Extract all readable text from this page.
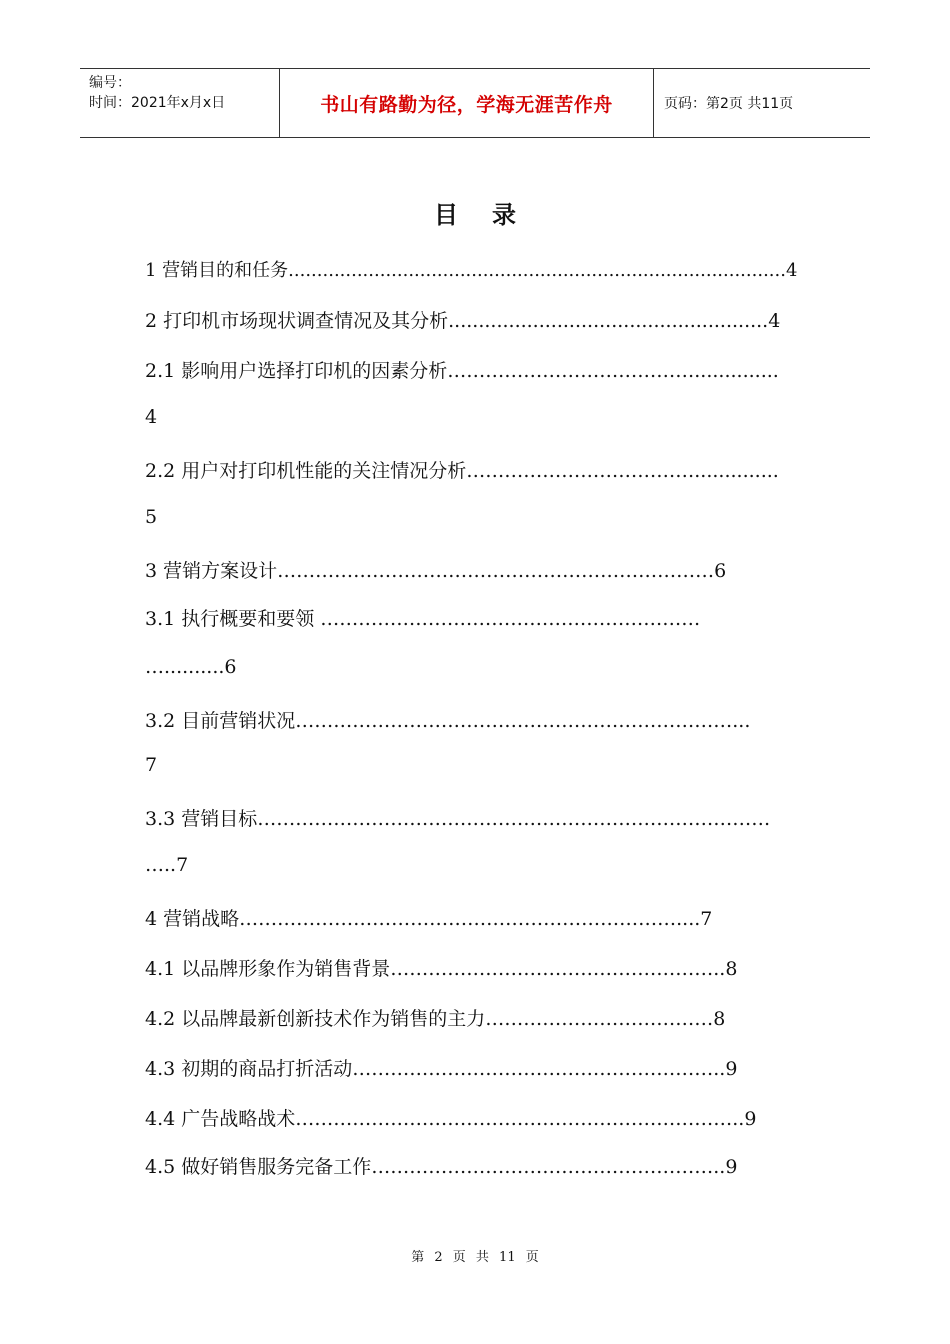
编号：
时间：2021年x月x日	书山有路勤为径，学海无涯苦作舟	页码：第2页 共11页
目录
1 营销目的和任务.......................................................................................4
2 打印机市场现状调查情况及其分析.....................................................4
2.1 影响用户选择打印机的因素分析…………………………………..............
4
2.2 用户对打印机性能的关注情况分析………………………………..............
5
3 营销方案设计……………………………………………………………6
3.1 执行概要和要领 ……………………………………………………
…..........6
3.2 目前营销状况……………………………………………………………...
7
3.3 营销目标………………………………………………………………………
…..7
4 营销战略……………………………………………………………....7
4.1 以品牌形象作为销售背景……………………………………………..8
4.2 以品牌最新创新技术作为销售的主力………………………………8
4.3 初期的商品打折活动…………………………………………………..9
4.4 广告战略战术……………………………………………………………..9
4.5 做好销售服务完备工作………………………………………………..9
第 2 页 共 11 页
